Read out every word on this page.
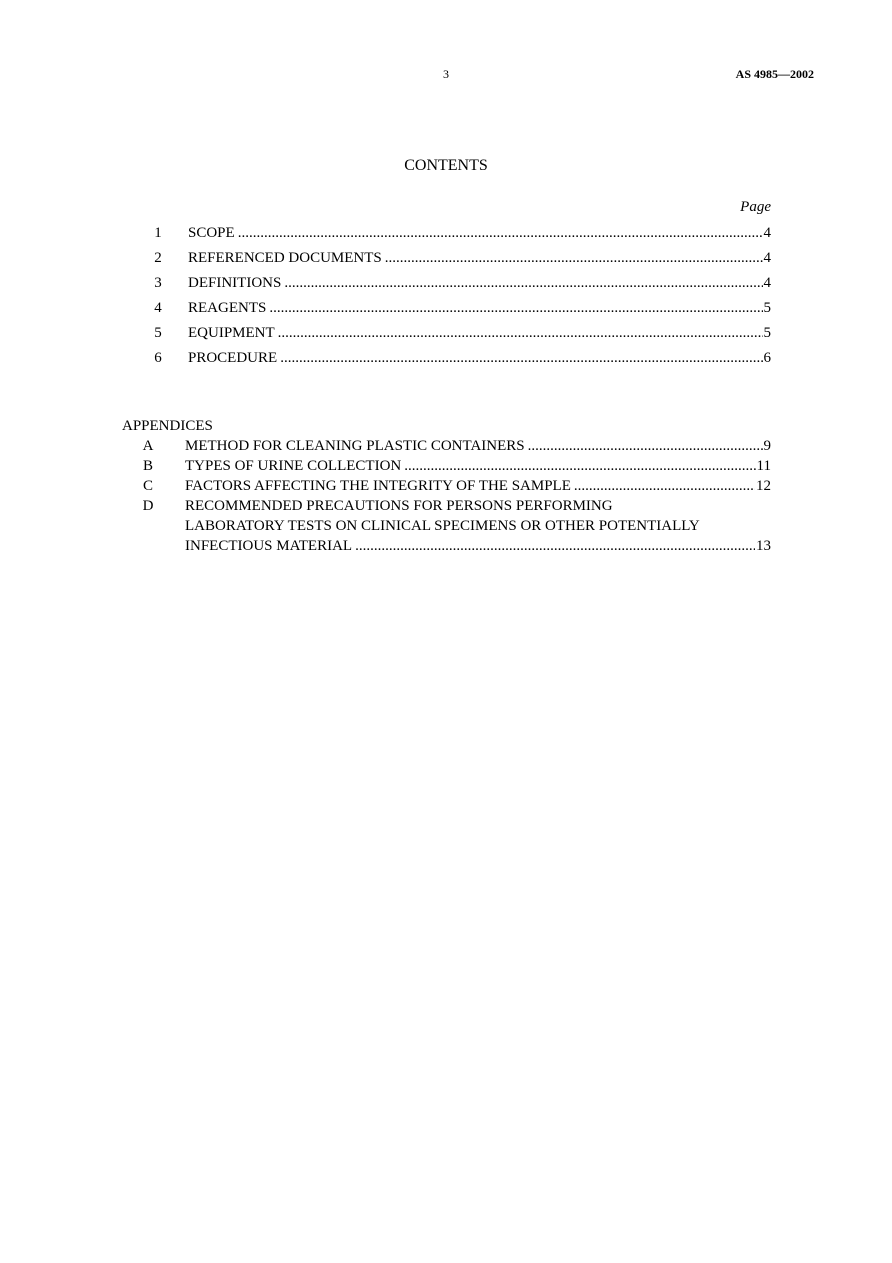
3	AS 4985—2002
CONTENTS
Page
1 SCOPE .....	4
2 REFERENCED DOCUMENTS .....	4
3 DEFINITIONS .....	4
4 REAGENTS .....	5
5 EQUIPMENT .....	5
6 PROCEDURE .....	6
APPENDICES
A METHOD FOR CLEANING PLASTIC CONTAINERS .....	9
B TYPES OF URINE COLLECTION .....	11
C FACTORS AFFECTING THE INTEGRITY OF THE SAMPLE .....	12
D RECOMMENDED PRECAUTIONS FOR PERSONS PERFORMING
LABORATORY TESTS ON CLINICAL SPECIMENS OR OTHER POTENTIALLY
INFECTIOUS MATERIAL .....	13
